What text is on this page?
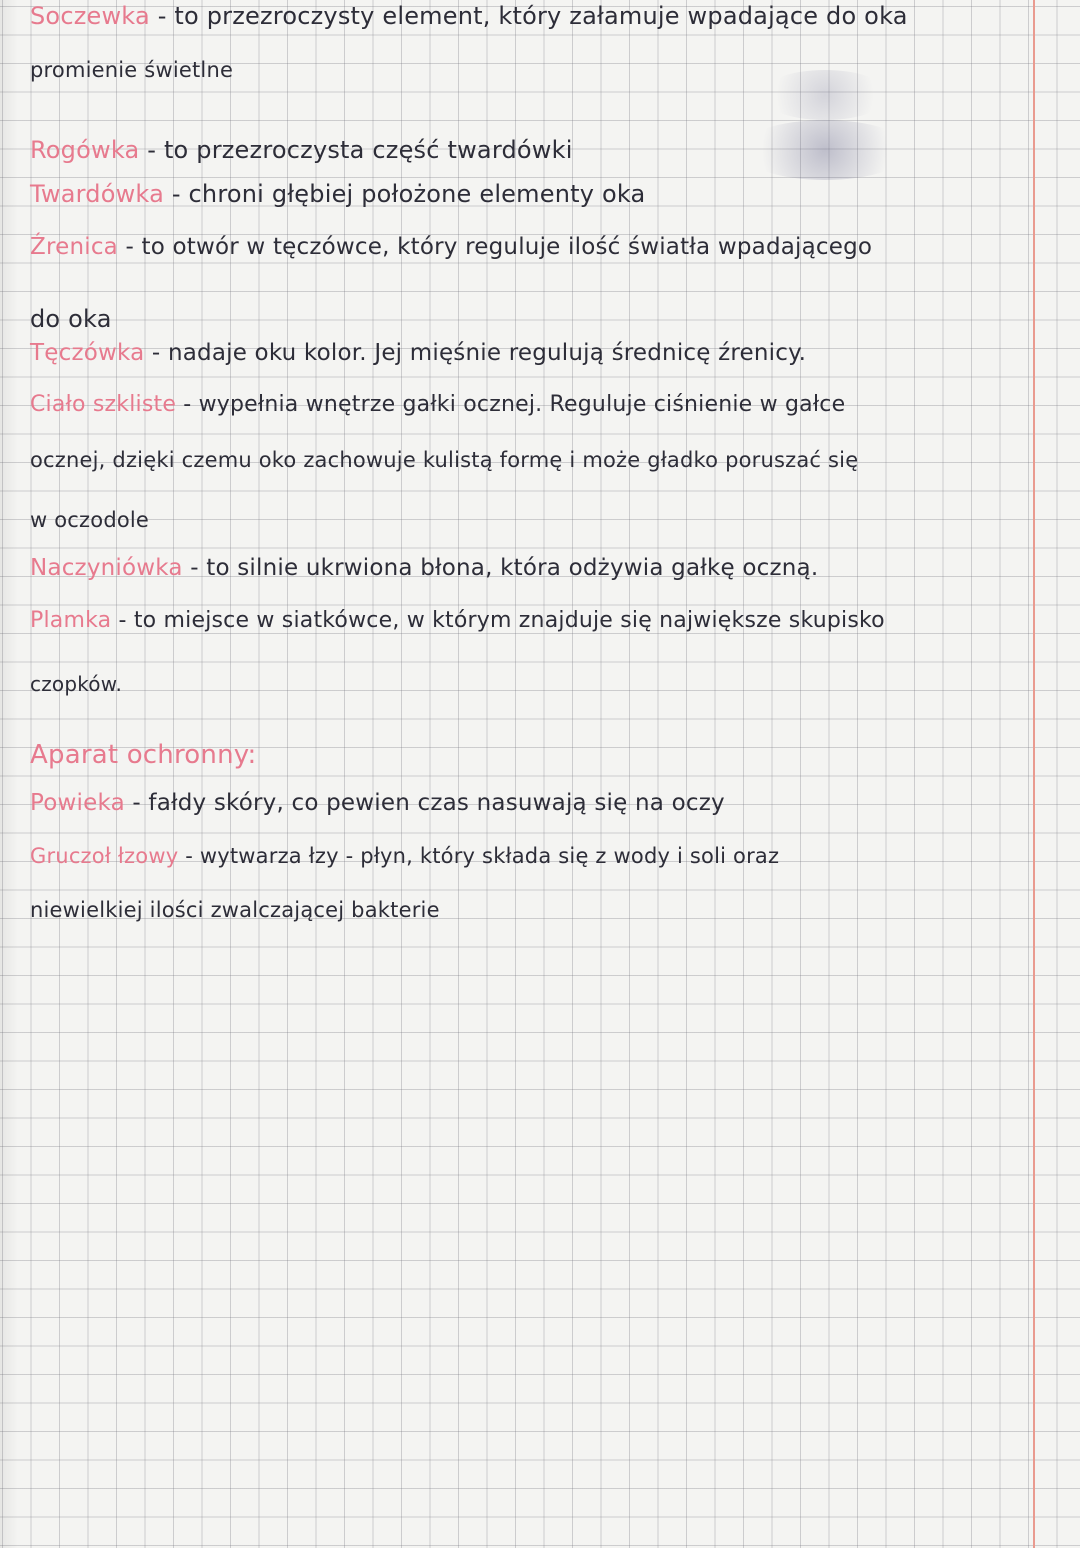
Soczewka - to przezroczysty element, który załamuje wpadające do oka
promienie świetlne
Rogówka - to przezroczysta część twardówki
Twardówka - chroni głębiej położone elementy oka
Źrenica - to otwór w tęczówce, który reguluje ilość światła wpadającego
do oka
Tęczówka - nadaje oku kolor. Jej mięśnie regulują średnicę źrenicy.
Ciało szkliste - wypełnia wnętrze gałki ocznej. Reguluje ciśnienie w gałce
ocznej, dzięki czemu oko zachowuje kulistą formę i może gładko poruszać się
w oczodole
Naczyniówka - to silnie ukrwiona błona, która odżywia gałkę oczną.
Plamka - to miejsce w siatkówce, w którym znajduje się największe skupisko
czopków.
Aparat ochronny:
Powieka - fałdy skóry, co pewien czas nasuwają się na oczy
Gruczoł łzowy - wytwarza łzy - płyn, który składa się z wody i soli oraz
niewielkiej ilości zwalczającej bakterie
